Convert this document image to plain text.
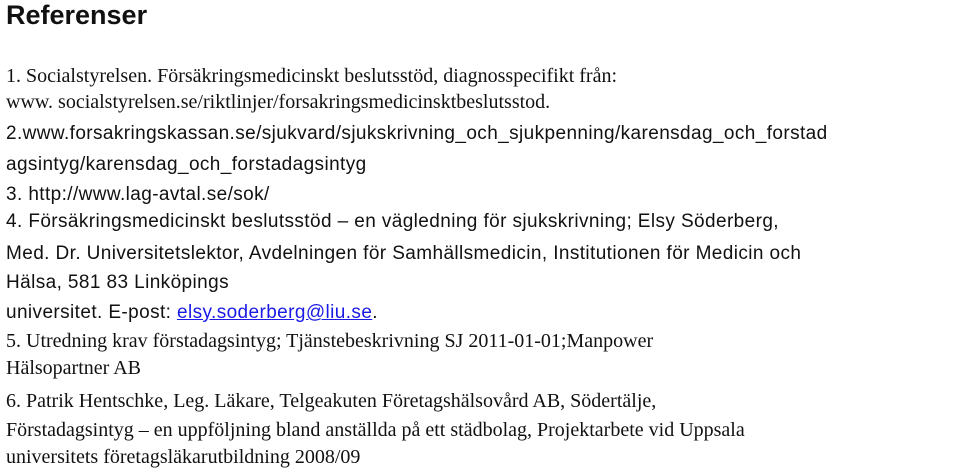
Referenser
1. Socialstyrelsen. Försäkringsmedicinskt beslutsstöd, diagnosspecifikt från:
www. socialstyrelsen.se/riktlinjer/forsakringsmedicinskt​beslutsstod.
2.www.forsakringskassan.se/sjukvard/sjukskrivning_och_sjukpenning/karensdag_och_forstad
agsintyg/karensdag_och_forstadagsintyg
3. http://www.lag-avtal.se/sok/
4. Försäkringsmedicinskt beslutsstöd – en vägledning för sjukskrivning; Elsy Söderberg,
Med. Dr. Universitetslektor, Avdelningen för Samhällsmedicin, Institutionen för Medicin och
Hälsa, 581 83 Linköpings
universitet. E-post: elsy.soderberg@liu.se.
5. Utredning krav förstadagsintyg; Tjänstebeskrivning SJ 2011-01-01;Manpower
Hälsopartner AB
6. Patrik Hentschke, Leg. Läkare, Telgeakuten Företagshälsovård AB, Södertälje,
Förstadagsintyg – en uppföljning bland anställda på ett städbolag, Projektarbete vid Uppsala
universitets företagsläkarutbildning 2008/09
